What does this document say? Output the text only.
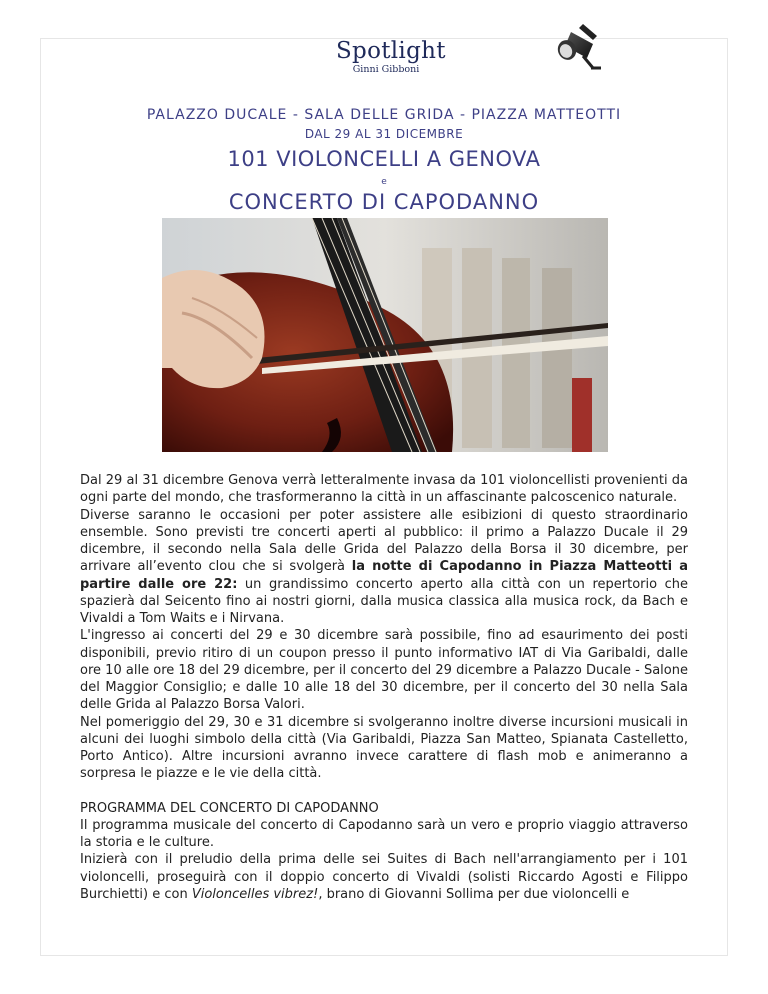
Spotlight
Ginni Gibboni
PALAZZO DUCALE - SALA DELLE GRIDA - PIAZZA MATTEOTTI
DAL 29 AL 31 DICEMBRE
101 VIOLONCELLI A GENOVA
e
CONCERTO DI CAPODANNO

Dal 29 al 31 dicembre Genova verrà letteralmente invasa da 101 violoncellisti provenienti da ogni parte del mondo, che trasformeranno la città in un affascinante palcoscenico naturale.

Diverse saranno le occasioni per poter assistere alle esibizioni di questo straordinario ensemble. Sono previsti tre concerti aperti al pubblico: il primo a Palazzo Ducale il 29 dicembre, il secondo nella Sala delle Grida del Palazzo della Borsa il 30 dicembre, per arrivare all’evento clou che si svolgerà la notte di Capodanno in Piazza Matteotti a partire dalle ore 22: un grandissimo concerto aperto alla città con un repertorio che spazierà dal Seicento fino ai nostri giorni, dalla musica classica alla musica rock, da Bach e Vivaldi a Tom Waits e i Nirvana.

L'ingresso ai concerti del 29 e 30 dicembre sarà possibile, fino ad esaurimento dei posti disponibili, previo ritiro di un coupon presso il punto informativo IAT di Via Garibaldi, dalle ore 10 alle ore 18 del 29 dicembre, per il concerto del 29 dicembre a Palazzo Ducale - Salone del Maggior Consiglio; e dalle 10 alle 18 del 30 dicembre, per il concerto del 30 nella Sala delle Grida al Palazzo Borsa Valori.

Nel pomeriggio del 29, 30 e 31 dicembre si svolgeranno inoltre diverse incursioni musicali in alcuni dei luoghi simbolo della città (Via Garibaldi, Piazza San Matteo, Spianata Castelletto, Porto Antico). Altre incursioni avranno invece carattere di flash mob e animeranno a sorpresa le piazze e le vie della città.

PROGRAMMA DEL CONCERTO DI CAPODANNO

Il programma musicale del concerto di Capodanno sarà un vero e proprio viaggio attraverso la storia e le culture.

Inizierà con il preludio della prima delle sei Suites di Bach nell'arrangiamento per i 101 violoncelli, proseguirà con il doppio concerto di Vivaldi (solisti Riccardo Agosti e Filippo Burchietti) e con Violoncelles vibrez!, brano di Giovanni Sollima per due violoncelli e
